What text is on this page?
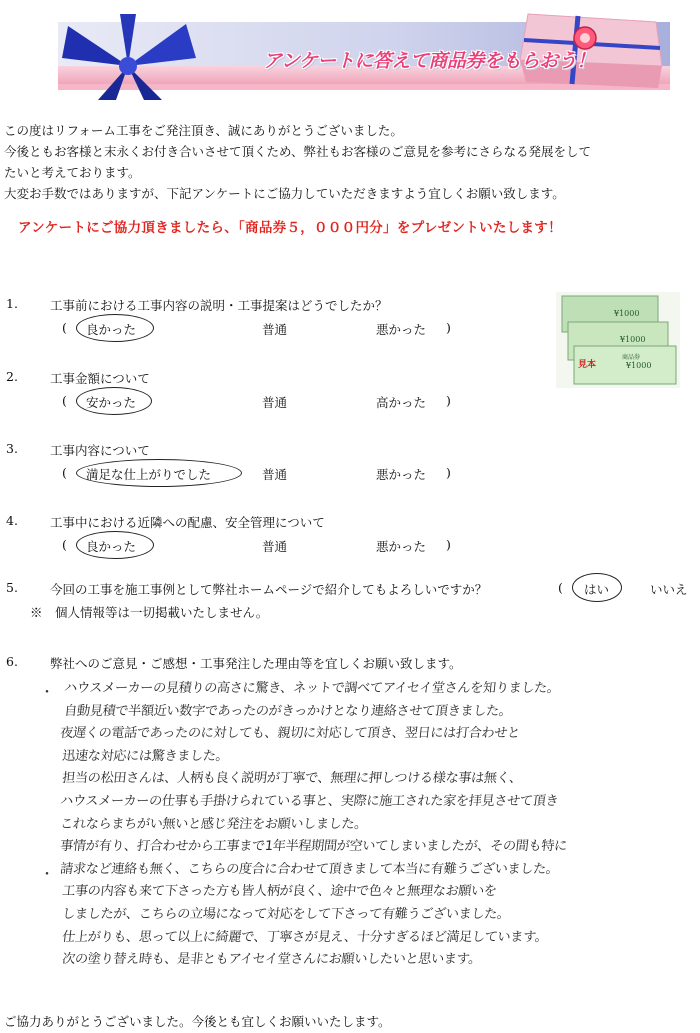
アンケートに答えて商品券をもらおう！

この度はリフォーム工事をご発注頂き、誠にありがとうございました。

今後ともお客様と末永くお付き合いさせて頂くため、弊社もお客様のご意見を参考にさらなる発展をして

たいと考えております。

大変お手数ではありますが、下記アンケートにご協力していただきますよう宜しくお願い致します。

アンケートにご協力頂きましたら、「商品券５，０００円分」をプレゼントいたします！
¥1000
¥1000
¥1000
商品券
見本
1.	工事前における工事内容の説明・工事提案はどうでしたか？
( 良かった	普通	悪かった )
2.	工事金額について
( 安かった	普通	高かった )
3.	工事内容について
( 満足な仕上がりでした	普通	悪かった )
4.	工事中における近隣への配慮、安全管理について
( 良かった	普通	悪かった )
5.	今回の工事を施工事例として弊社ホームページで紹介してもよろしいですか？	( はい	いいえ
※　個人情報等は一切掲載いたしません。
6.	弊社へのご意見・ご感想・工事発注した理由等を宜しくお願い致します。
・
・
ハウスメーカーの見積りの高さに驚き、ネットで調べてアイセイ堂さんを知りました。
自動見積で半額近い数字であったのがきっかけとなり連絡させて頂きました。
夜遅くの電話であったのに対しても、親切に対応して頂き、翌日には打合わせと
迅速な対応には驚きました。
担当の松田さんは、人柄も良く説明が丁寧で、無理に押しつける様な事は無く、
ハウスメーカーの仕事も手掛けられている事と、実際に施工された家を拝見させて頂き
これならまちがい無いと感じ発注をお願いしました。
事情が有り、打合わせから工事まで1年半程期間が空いてしまいましたが、その間も特に
請求など連絡も無く、こちらの度合に合わせて頂きまして本当に有難うございました。
工事の内容も来て下さった方も皆人柄が良く、途中で色々と無理なお願いを
しましたが、こちらの立場になって対応をして下さって有難うございました。
仕上がりも、思って以上に綺麗で、丁寧さが見え、十分すぎるほど満足しています。
次の塗り替え時も、是非ともアイセイ堂さんにお願いしたいと思います。
ご協力ありがとうございました。今後とも宜しくお願いいたします。
